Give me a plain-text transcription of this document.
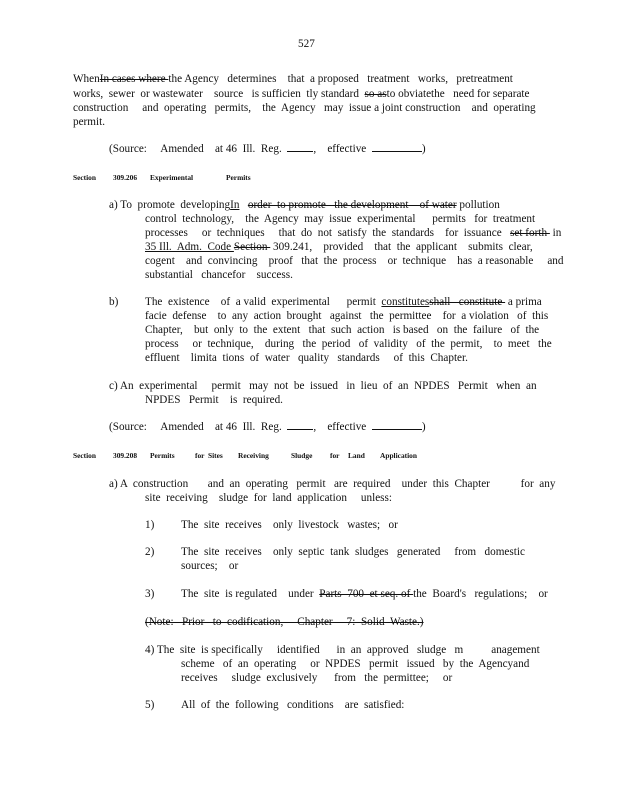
527
WhenIn cases where the Agency   determines    that  a proposed   treatment   works,   pretreatment
works,  sewer  or wastewater    source   is sufficien  tly standard  so asto obviatethe   need for separate
construction     and  operating   permits,    the  Agency   may  issue a joint construction    and  operating
permit.
(Source:     Amended    at 46  Ill.  Reg.	,    effective	)
Section 309.206 Experimental	Permits
a) To  promote  developingIn order  to promote   the development    of water pollution
control  technology,    the  Agency  may  issue  experimental      permits   for  treatment
processes     or  techniques     that  do  not  satisfy  the  standards    for  issuance   set forth  in
35 Ill.  Adm.  Code Section  309.241,    provided    that  the  applicant    submits  clear,
cogent    and  convincing    proof   that  the  process    or  technique    has  a reasonable     and
substantial   chancefor    success.
b) The  existence    of  a valid  experimental      permit  constitutesshall   constitute  a prima
facie  defense    to  any  action  brought   against   the  permittee    for  a violation   of  this
Chapter,    but  only  to  the  extent   that  such  action   is based   on  the  failure   of  the
process     or  technique,    during   the  period   of  validity   of  the  permit,    to  meet   the
effluent    limita  tions  of  water   quality   standards     of  this  Chapter.
c) An  experimental     permit   may  not  be  issued   in  lieu  of  an  NPDES   Permit   when  an
NPDES   Permit    is  required.
(Source:     Amended    at 46  Ill.  Reg.	,    effective	)
Section 309.208 Permits	for  Sites Receiving	Sludge for Land Application
a) A  construction       and  an  operating   permit   are  required    under  this  Chapter           for  any
site  receiving    sludge  for  land  application     unless:
1) The  site  receives    only  livestock   wastes;   or
2) The  site  receives    only  septic  tank  sludges   generated     from   domestic
sources;    or
3) The  site  is regulated    under  Parts  700  et seq. of the  Board's   regulations;    or
(Note:   Prior   to  codification,     Chapter     7:  Solid  Waste.)
4) The  site  is specifically     identified      in  an  approved   sludge   m          anagement
scheme   of  an  operating     or  NPDES   permit   issued   by  the  Agencyand
receives     sludge  exclusively      from   the  permittee;     or
5) All  of  the  following   conditions    are  satisfied:
